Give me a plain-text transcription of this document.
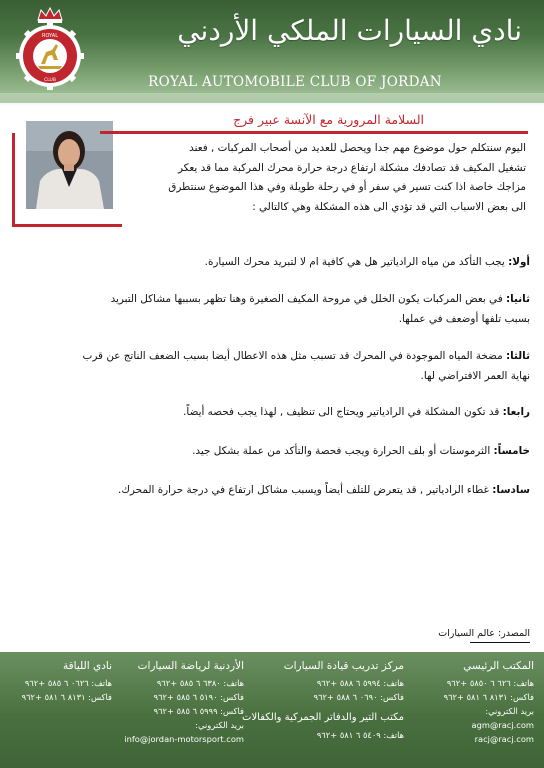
ROYAL
CLUB
نادي السيارات الملكي الأردني
ROYAL AUTOMOBILE CLUB OF JORDAN
السلامة المرورية مع الآنسة عبير فرج
اليوم سنتكلم حول موضوع مهم جدا ويحصل للعديد من أصحاب المركبات , فعند
تشغيل المكيف قد تصادفك مشكلة ارتفاع درجة حرارة محرك المركبة مما قد يعكر
مزاجك خاصة اذا كنت تسير في سفر أو في رحلة طويلة وفي هذا الموضوع سنتطرق
الى بعض الاسباب التي قد تؤدي الى هذه المشكلة وهي كالتالي :
أولا: يجب التأكد من مياه الرادياتير هل هي كافية ام لا لتبريد محرك السيارة.
ثانيا: في بعض المركبات يكون الخلل في مروحة المكيف الصغيرة وهنا تظهر بسببها مشاكل التبريد
بسبب تلفها أوضعف في عملها.
ثالثا: مضخة المياه الموجودة في المحرك قد تسبب مثل هذه الاعطال أيضا بسبب الضعف الناتج عن قرب
نهاية العمر الافتراضي لها.
رابعا: قد تكون المشكلة في الرادياتير ويحتاج الى تنظيف , لهذا يجب فحصه أيضاً.
خامساً: الثرموستات أو بلف الحرارة ويجب فحصة والتأكد من عملة بشكل جيد.
سادسا: غطاء الرادياتير , قد يتعرض للتلف أيضاً ويسبب مشاكل ارتفاع في درجة حرارة المحرك.
المصدر: عالم السيارات
المكتب الرئيسي
هاتف: ٦٢٦ ٦ ٥٨٥٠ +٩٦٢
فاكس: ٨١٣١ ٦ ٥٨١ +٩٦٢
بريد الكتروني:
agm@racj.com
racj@racj.com
مركز تدريب قيادة السيارات
هاتف: ٥٩٩٤ ٦ ٥٨٨ +٩٦٢
فاكس: ٠٦٩٠ ٦ ٥٨٨ +٩٦٢
مكتب التير والدفاتر الجمركية والكفالات
هاتف: ٥٤٠٩ ٦ ٥٨١ +٩٦٢
الأردنية لرياضة السيارات
هاتف: ٦٣٨٠ ٦ ٥٨٥ +٩٦٢
فاكس: ٥١٩٠ ٦ ٥٨٥ +٩٦٢
فاكس: ٥٩٩٩ ٦ ٥٨٥ +٩٦٢
بريد الكتروني:
info@jordan-motorsport.com
نادي اللياقة
هاتف: ٠٦٢٦ ٦ ٥٨٥ +٩٦٢
فاكس: ٨١٣١ ٦ ٥٨١ +٩٦٢
